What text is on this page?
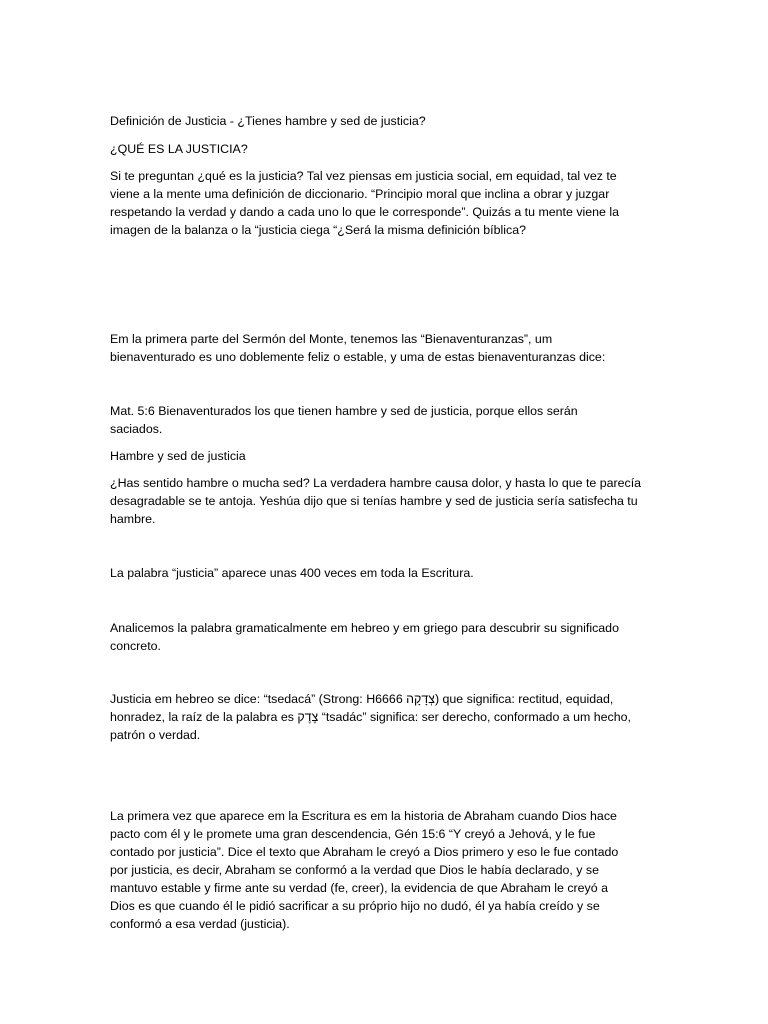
Definición de Justicia - ¿Tienes hambre y sed de justicia?

¿QUÉ ES LA JUSTICIA?

Si te preguntan ¿qué es la justicia? Tal vez piensas em justicia social, em equidad, tal vez te
viene a la mente uma definición de diccionario. “Principio moral que inclina a obrar y juzgar
respetando la verdad y dando a cada uno lo que le corresponde”. Quizás a tu mente viene la
imagen de la balanza o la “justicia ciega “¿Será la misma definición bíblica?

Em la primera parte del Sermón del Monte, tenemos las “Bienaventuranzas”, um
bienaventurado es uno doblemente feliz o estable, y uma de estas bienaventuranzas dice:

Mat. 5:6 Bienaventurados los que tienen hambre y sed de justicia, porque ellos serán
saciados.

Hambre y sed de justicia

¿Has sentido hambre o mucha sed? La verdadera hambre causa dolor, y hasta lo que te parecía
desagradable se te antoja. Yeshúa dijo que si tenías hambre y sed de justicia sería satisfecha tu
hambre.

La palabra “justicia” aparece unas 400 veces em toda la Escritura.

Analicemos la palabra gramaticalmente em hebreo y em griego para descubrir su significado
concreto.

Justicia em hebreo se dice: “tsedacá” (Strong: H6666 צְדָקָה) que significa: rectitud, equidad,
honradez, la raíz de la palabra es צֶדֶק “tsadác” significa: ser derecho, conformado a um hecho,
patrón o verdad.

La primera vez que aparece em la Escritura es em la historia de Abraham cuando Dios hace
pacto com él y le promete uma gran descendencia, Gén 15:6 “Y creyó a Jehová, y le fue
contado por justicia”. Dice el texto que Abraham le creyó a Dios primero y eso le fue contado
por justicia, es decir, Abraham se conformó a la verdad que Dios le había declarado, y se
mantuvo estable y firme ante su verdad (fe, creer), la evidencia de que Abraham le creyó a
Dios es que cuando él le pidió sacrificar a su próprio hijo no dudó, él ya había creído y se
conformó a esa verdad (justicia).
